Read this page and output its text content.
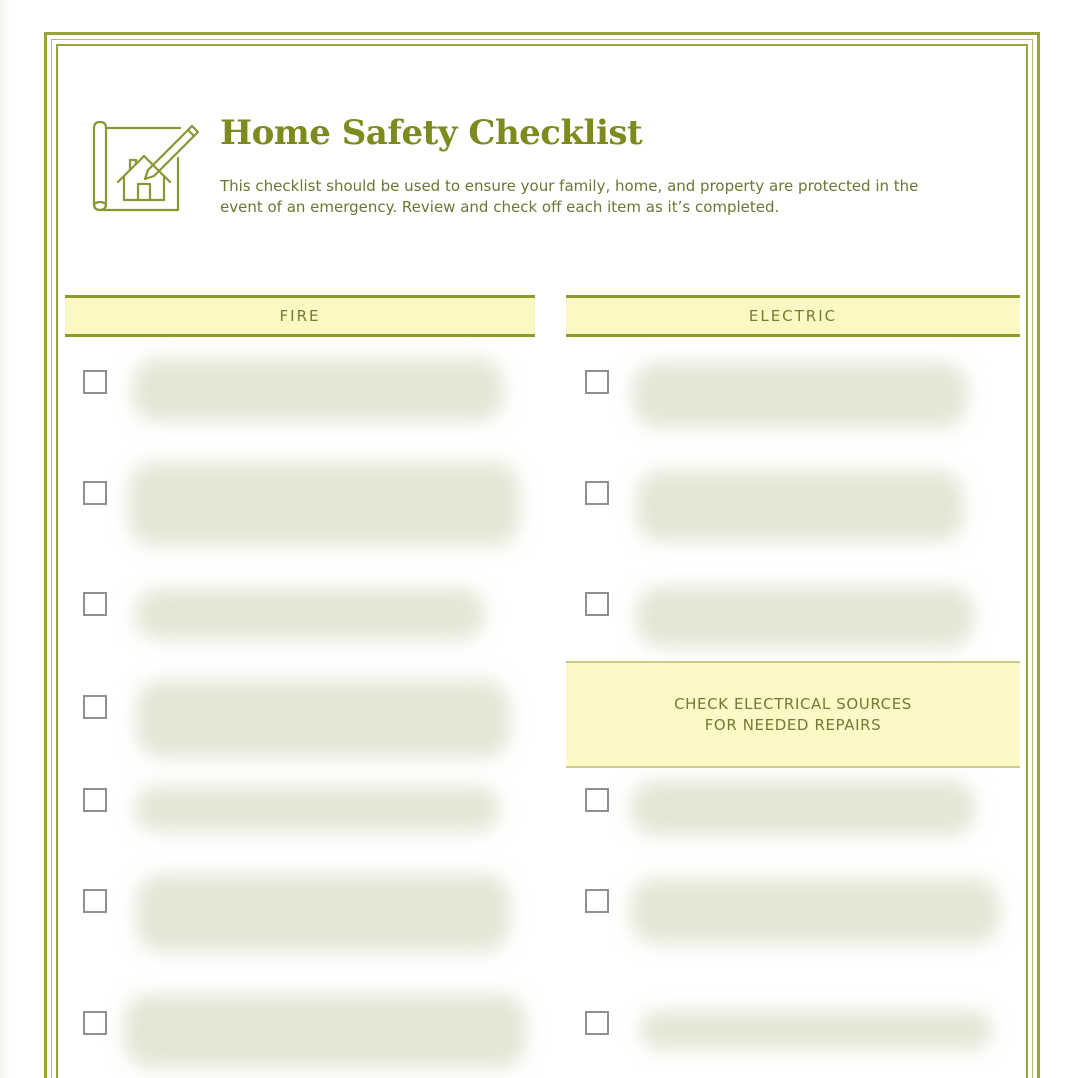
Home Safety Checklist

This checklist should be used to ensure your family, home, and property are protected in the
event of an emergency. Review and check off each item as it’s completed.

FIRE	ELECTRIC
CHECK ELECTRICAL SOURCES
FOR NEEDED REPAIRS
